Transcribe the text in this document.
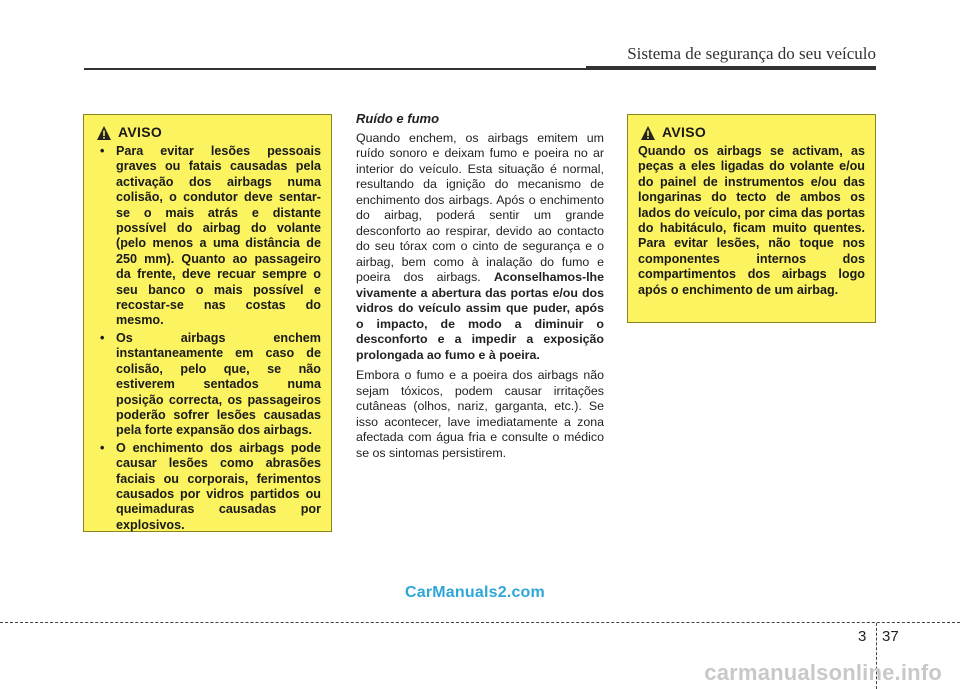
Sistema de segurança do seu veículo
AVISO
• Para evitar lesões pessoais graves ou fatais causadas pela activação dos airbags numa colisão, o condutor deve sentar-se o mais atrás e distante possível do airbag do volante (pelo menos a uma distância de 250 mm). Quanto ao passageiro da frente, deve recuar sempre o seu banco o mais possível e recostar-se nas costas do mesmo.
• Os airbags enchem instantaneamente em caso de colisão, pelo que, se não estiverem sentados numa posição correcta, os passageiros poderão sofrer lesões causadas pela forte expansão dos airbags.
• O enchimento dos airbags pode causar lesões como abrasões faciais ou corporais, ferimentos causados por vidros partidos ou queimaduras causadas por explosivos.
Ruído e fumo

Quando enchem, os airbags emitem um ruído sonoro e deixam fumo e poeira no ar interior do veículo. Esta situação é normal, resultando da ignição do mecanismo de enchimento dos airbags. Após o enchimento do airbag, poderá sentir um grande desconforto ao respirar, devido ao contacto do seu tórax com o cinto de segurança e o airbag, bem como à inalação do fumo e poeira dos airbags. Aconselhamos-lhe vivamente a abertura das portas e/ou dos vidros do veículo assim que puder, após o impacto, de modo a diminuir o desconforto e a impedir a exposição prolongada ao fumo e à poeira.

Embora o fumo e a poeira dos airbags não sejam tóxicos, podem causar irritações cutâneas (olhos, nariz, garganta, etc.). Se isso acontecer, lave imediatamente a zona afectada com água fria e consulte o médico se os sintomas persistirem.

AVISO
Quando os airbags se activam, as peças a eles ligadas do volante e/ou do painel de instrumentos e/ou das longarinas do tecto de ambos os lados do veículo, por cima das portas do habitáculo, ficam muito quentes. Para evitar lesões, não toque nos componentes internos dos compartimentos dos airbags logo após o enchimento de um airbag.
CarManuals2.com
3 37
carmanualsonline.info
